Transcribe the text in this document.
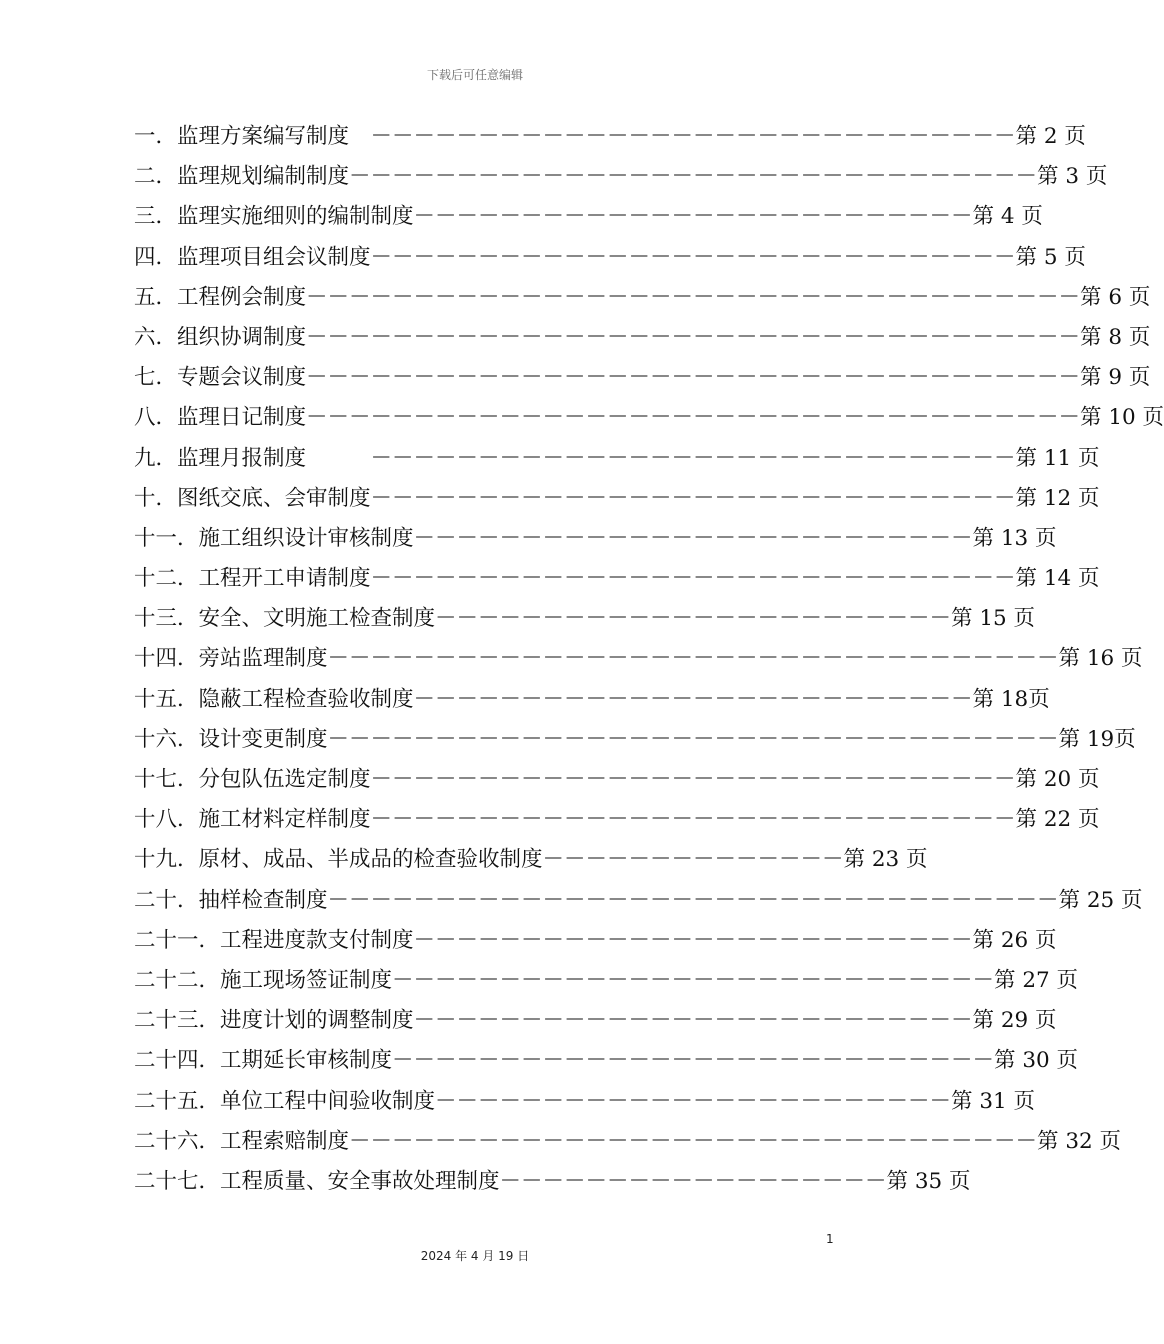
下载后可任意编辑
一．监理方案编写制度　－－－－－－－－－－－－－－－－－－－－－－－－－－－－－－第 2 页
二．监理规划编制制度－－－－－－－－－－－－－－－－－－－－－－－－－－－－－－－－第 3 页
三．监理实施细则的编制制度－－－－－－－－－－－－－－－－－－－－－－－－－－第 4 页
四．监理项目组会议制度－－－－－－－－－－－－－－－－－－－－－－－－－－－－－－第 5 页
五．工程例会制度－－－－－－－－－－－－－－－－－－－－－－－－－－－－－－－－－－－－第 6 页
六．组织协调制度－－－－－－－－－－－－－－－－－－－－－－－－－－－－－－－－－－－－第 8 页
七．专题会议制度－－－－－－－－－－－－－－－－－－－－－－－－－－－－－－－－－－－－第 9 页
八．监理日记制度－－－－－－－－－－－－－－－－－－－－－－－－－－－－－－－－－－－－第 10 页
九．监理月报制度　　　－－－－－－－－－－－－－－－－－－－－－－－－－－－－－－第 11 页
十．图纸交底、会审制度－－－－－－－－－－－－－－－－－－－－－－－－－－－－－－第 12 页
十一．施工组织设计审核制度－－－－－－－－－－－－－－－－－－－－－－－－－－第 13 页
十二．工程开工申请制度－－－－－－－－－－－－－－－－－－－－－－－－－－－－－－第 14 页
十三．安全、文明施工检查制度－－－－－－－－－－－－－－－－－－－－－－－－第 15 页
十四．旁站监理制度－－－－－－－－－－－－－－－－－－－－－－－－－－－－－－－－－－第 16 页
十五．隐蔽工程检查验收制度－－－－－－－－－－－－－－－－－－－－－－－－－－第 18页
十六．设计变更制度－－－－－－－－－－－－－－－－－－－－－－－－－－－－－－－－－－第 19页
十七．分包队伍选定制度－－－－－－－－－－－－－－－－－－－－－－－－－－－－－－第 20 页
十八．施工材料定样制度－－－－－－－－－－－－－－－－－－－－－－－－－－－－－－第 22 页
十九．原材、成品、半成品的检查验收制度－－－－－－－－－－－－－－第 23 页
二十．抽样检查制度－－－－－－－－－－－－－－－－－－－－－－－－－－－－－－－－－－第 25 页
二十一．工程进度款支付制度－－－－－－－－－－－－－－－－－－－－－－－－－－第 26 页
二十二．施工现场签证制度－－－－－－－－－－－－－－－－－－－－－－－－－－－－第 27 页
二十三．进度计划的调整制度－－－－－－－－－－－－－－－－－－－－－－－－－－第 29 页
二十四．工期延长审核制度－－－－－－－－－－－－－－－－－－－－－－－－－－－－第 30 页
二十五．单位工程中间验收制度－－－－－－－－－－－－－－－－－－－－－－－－第 31 页
二十六．工程索赔制度－－－－－－－－－－－－－－－－－－－－－－－－－－－－－－－－第 32 页
二十七．工程质量、安全事故处理制度－－－－－－－－－－－－－－－－－－第 35 页
1
2024 年 4 月 19 日
